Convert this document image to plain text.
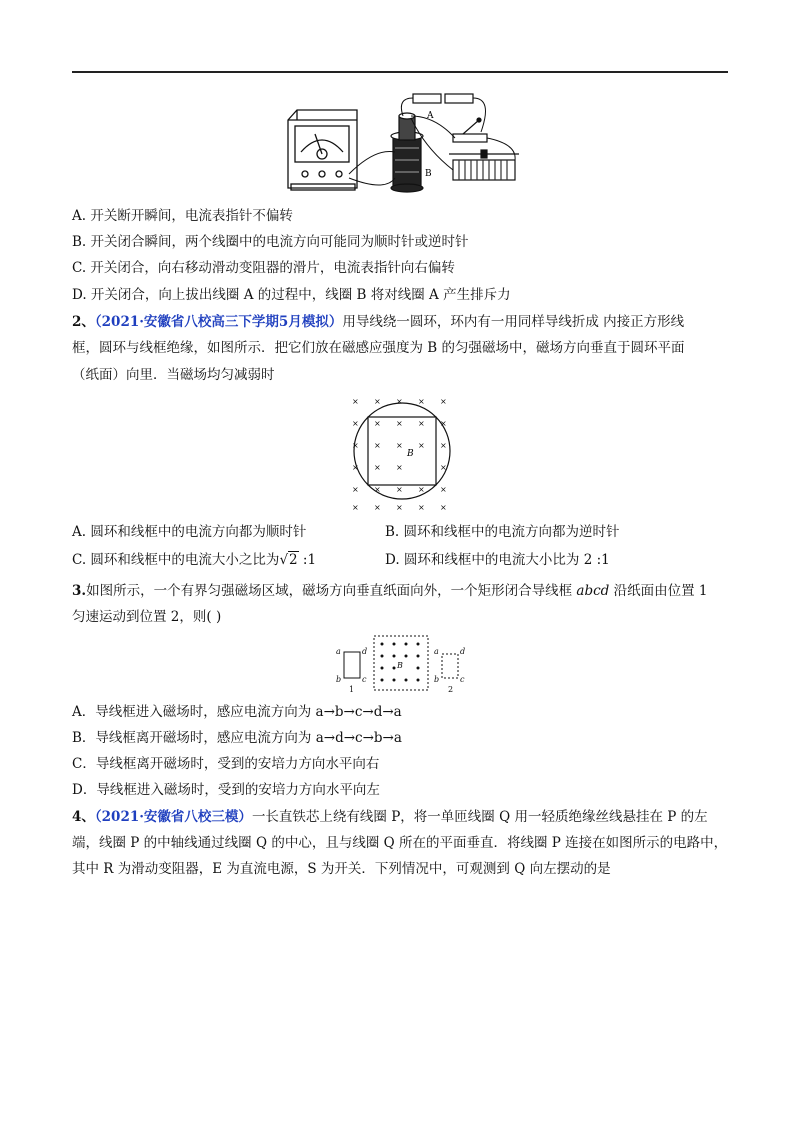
A
B
A. 开关断开瞬间，电流表指针不偏转
B. 开关闭合瞬间，两个线圈中的电流方向可能同为顺时针或逆时针
C. 开关闭合，向右移动滑动变阻器的滑片，电流表指针向右偏转
D. 开关闭合，向上拔出线圈 A 的过程中，线圈 B 将对线圈 A 产生排斥力
2、（2021·安徽省八校高三下学期5月模拟）用导线绕一圆环，环内有一用同样导线折成 内接正方形线
框，圆环与线框绝缘，如图所示．把它们放在磁感应强度为 B 的匀强磁场中，磁场方向垂直于圆环平面
（纸面）向里．当磁场均匀减弱时
× × × × ×
× × × × ×
× × × × ×
× × ×	×
× × × × ×
× × × × ×
B
A. 圆环和线框中的电流方向都为顺时针	B. 圆环和线框中的电流方向都为逆时针
C. 圆环和线框中的电流大小之比为√2 :1	D. 圆环和线框中的电流大小比为 2 :1
3.如图所示，一个有界匀强磁场区域，磁场方向垂直纸面向外，一个矩形闭合导线框 abcd 沿纸面由位置 1
匀速运动到位置 2，则( )
a
b	c
d
1
B
a
b	c
d
2
A．导线框进入磁场时，感应电流方向为 a→b→c→d→a
B．导线框离开磁场时，感应电流方向为 a→d→c→b→a
C．导线框离开磁场时，受到的安培力方向水平向右
D．导线框进入磁场时，受到的安培力方向水平向左
4、（2021·安徽省八校三模）一长直铁芯上绕有线圈 P，将一单匝线圈 Q 用一轻质绝缘丝线悬挂在 P 的左
端，线圈 P 的中轴线通过线圈 Q 的中心，且与线圈 Q 所在的平面垂直．将线圈 P 连接在如图所示的电路中，
其中 R 为滑动变阻器，E 为直流电源，S 为开关．下列情况中，可观测到 Q 向左摆动的是
